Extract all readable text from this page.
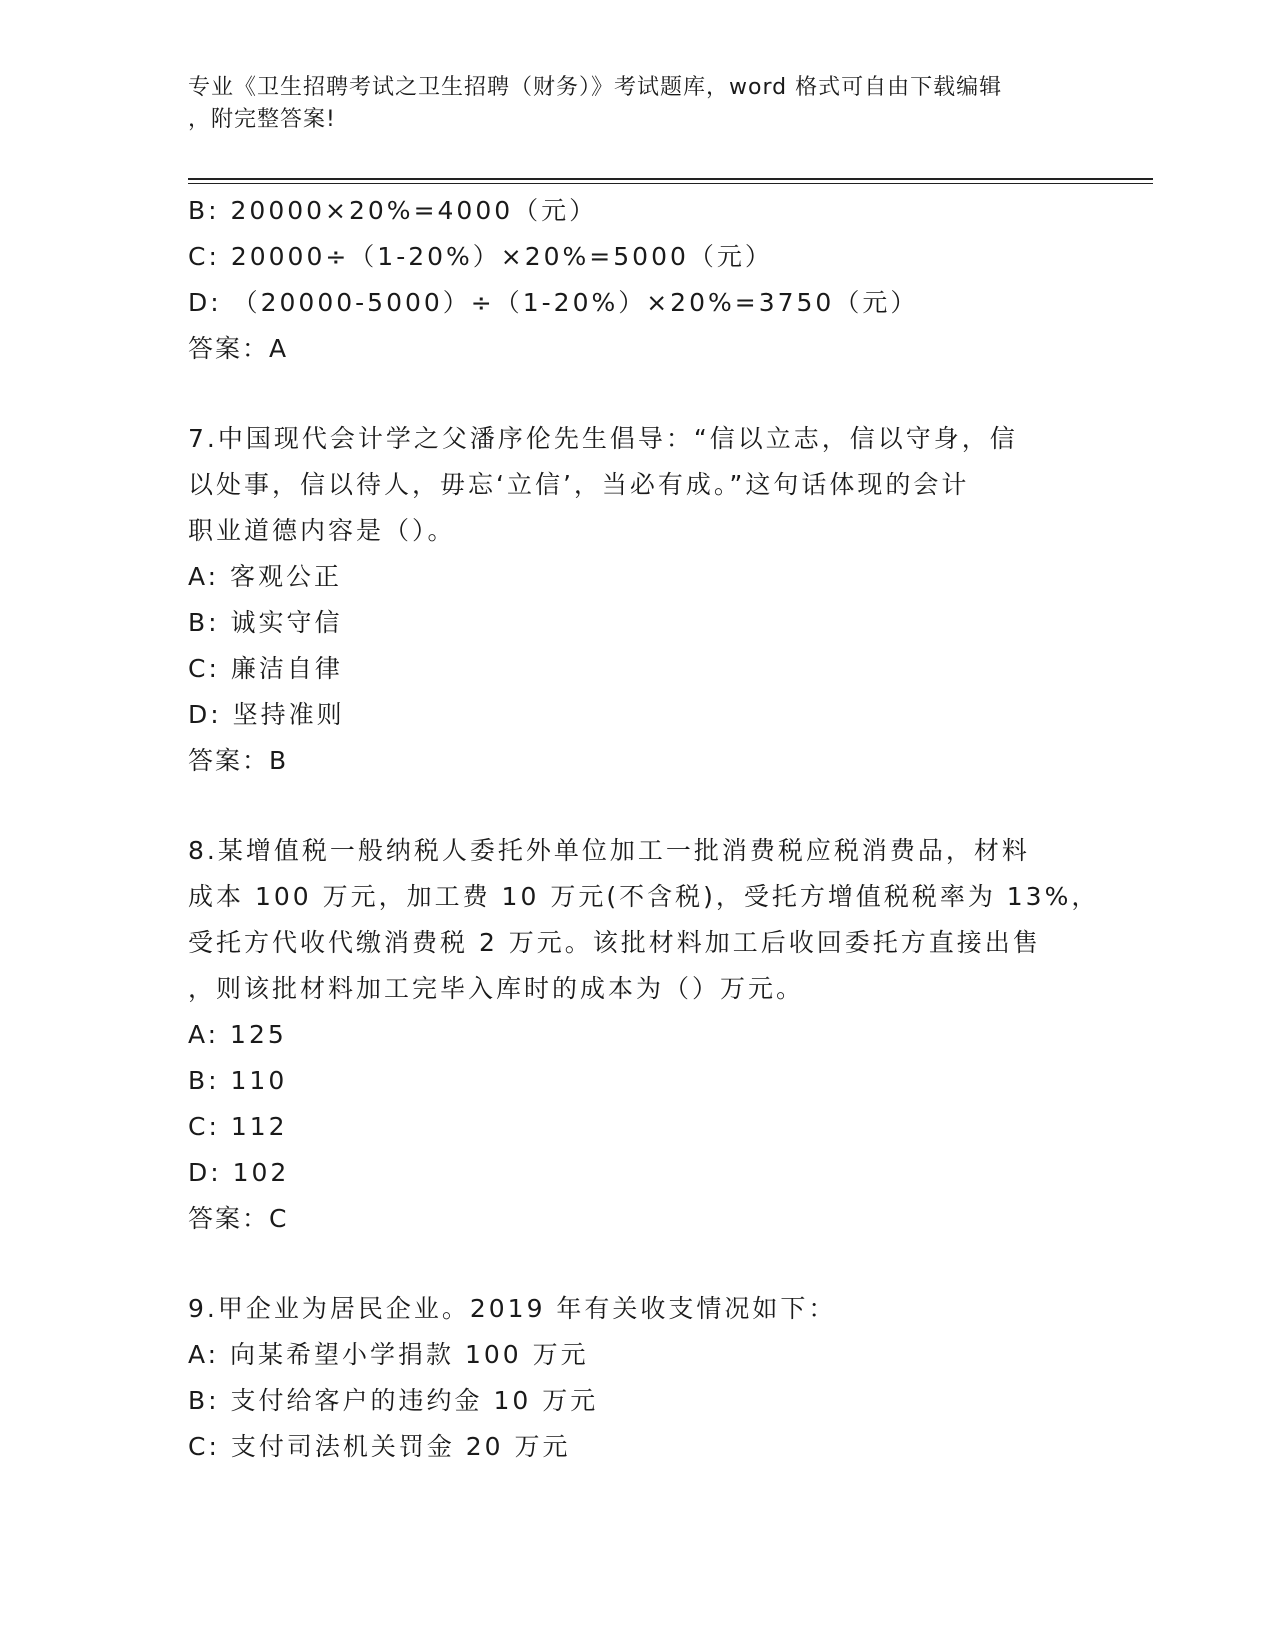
专业《卫生招聘考试之卫生招聘（财务）》考试题库，word 格式可自由下载编辑
，附完整答案!
B: 20000×20%=4000（元）
C: 20000÷（1-20%）×20%=5000（元）
D: （20000-5000）÷（1-20%）×20%=3750（元）
答案：A
7.中国现代会计学之父潘序伦先生倡导：“信以立志，信以守身，信
以处事，信以待人，毋忘‘立信’，当必有成。”这句话体现的会计
职业道德内容是（）。
A: 客观公正
B: 诚实守信
C: 廉洁自律
D: 坚持准则
答案：B
8.某增值税一般纳税人委托外单位加工一批消费税应税消费品，材料
成本 100 万元，加工费 10 万元(不含税)，受托方增值税税率为 13%，
受托方代收代缴消费税 2 万元。该批材料加工后收回委托方直接出售
，则该批材料加工完毕入库时的成本为（）万元。
A: 125
B: 110
C: 112
D: 102
答案：C
9.甲企业为居民企业。2019 年有关收支情况如下：
A: 向某希望小学捐款 100 万元
B: 支付给客户的违约金 10 万元
C: 支付司法机关罚金 20 万元
